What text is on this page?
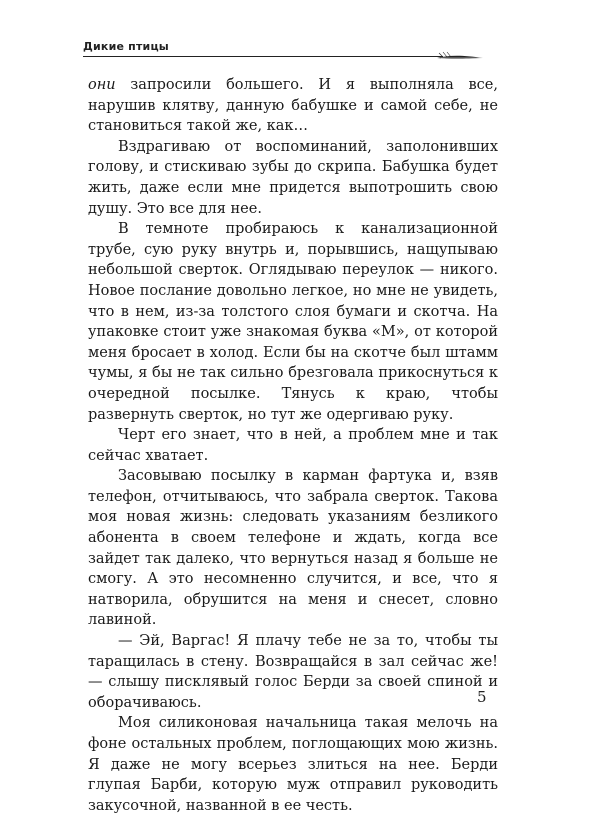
Дикие птицы

они запросили большего. И я выполняла все, нарушив клятву, данную бабушке и самой себе, не становиться такой же, как…

Вздрагиваю от воспоминаний, заполонивших голову, и стискиваю зубы до скрипа. Бабушка будет жить, даже если мне придется выпотрошить свою душу. Это все для нее.

В темноте пробираюсь к канализационной трубе, сую руку внутрь и, порывшись, нащупываю небольшой сверток. Оглядываю переулок — никого. Новое послание довольно легкое, но мне не увидеть, что в нем, из-за толстого слоя бумаги и скотча. На упаковке стоит уже знакомая буква «М», от которой меня бросает в холод. Если бы на скотче был штамм чумы, я бы не так сильно брезговала прикоснуться к очередной посылке. Тянусь к краю, чтобы развернуть сверток, но тут же одергиваю руку.

Черт его знает, что в ней, а проблем мне и так сейчас хватает.

Засовываю посылку в карман фартука и, взяв телефон, отчитываюсь, что забрала сверток. Такова моя новая жизнь: следовать указаниям безликого абонента в своем телефоне и ждать, когда все зайдет так далеко, что вернуться назад я больше не смогу. А это несомненно случится, и все, что я натворила, обрушится на меня и снесет, словно лавиной.

— Эй, Варгас! Я плачу тебе не за то, чтобы ты таращилась в стену. Возвращайся в зал сейчас же! — слышу писклявый голос Берди за своей спиной и оборачиваюсь.

Моя силиконовая начальница такая мелочь на фоне остальных проблем, поглощающих мою жизнь. Я даже не могу всерьез злиться на нее. Берди глупая Барби, которую муж отправил руководить закусочной, названной в ее честь.

5
